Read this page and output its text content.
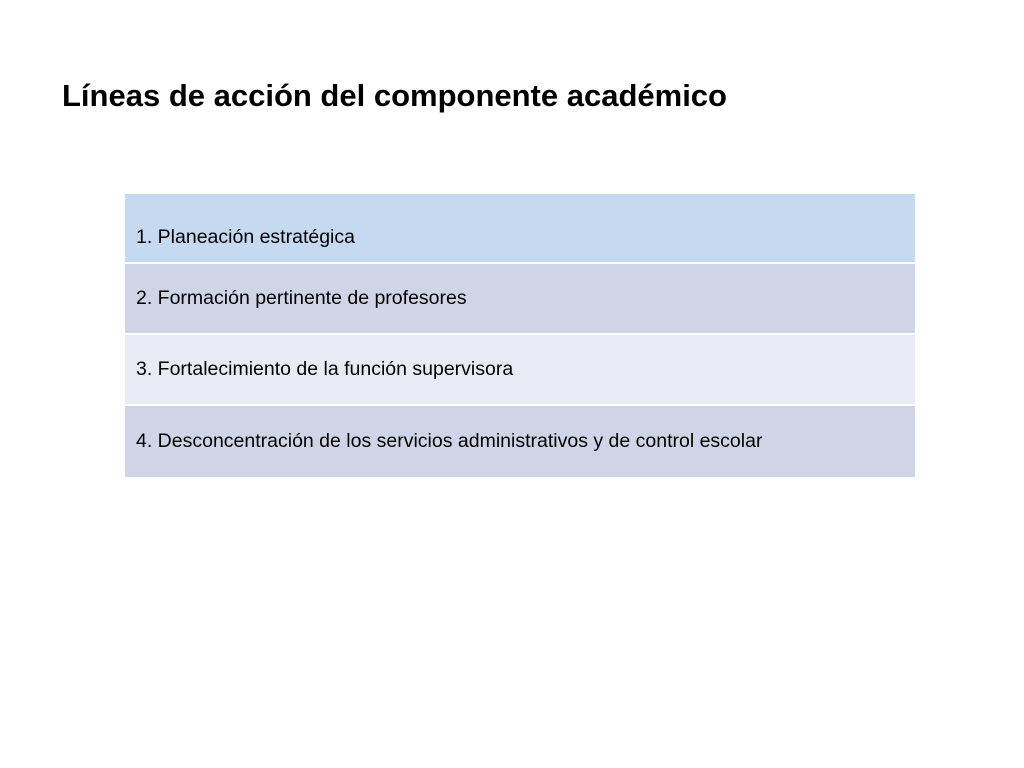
Líneas de acción del componente académico
1. Planeación estratégica
2. Formación pertinente de profesores
3. Fortalecimiento de la función supervisora
4. Desconcentración de los servicios administrativos y de control escolar
